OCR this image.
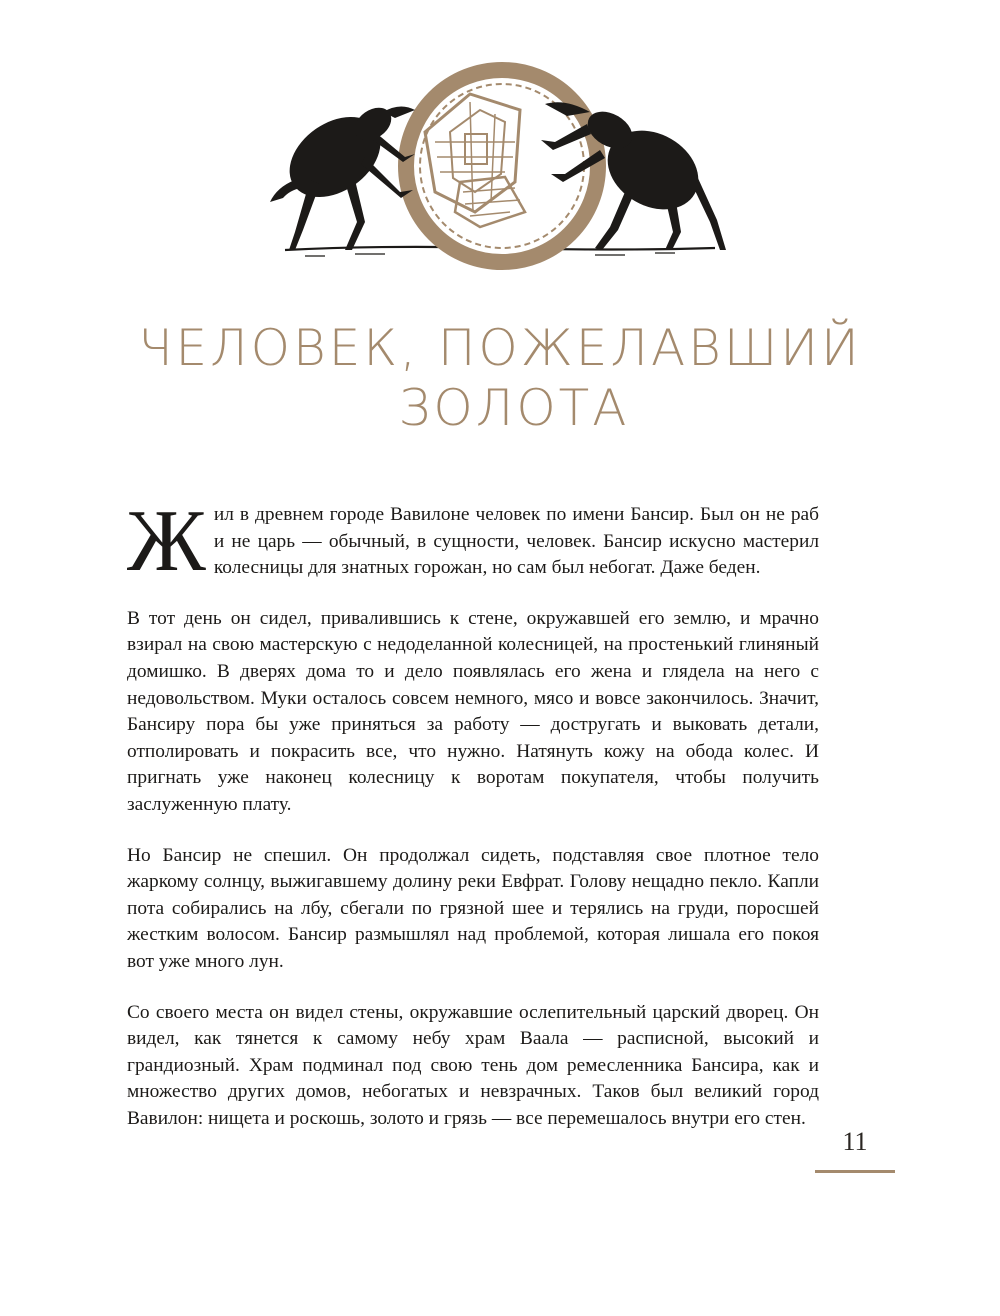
ЧЕЛОВЕК, ПОЖЕЛАВШИЙ
ЗОЛОТА

Жил в древнем городе Вавилоне человек по имени Бансир. Был он не раб и не царь — обычный, в сущности, человек. Бансир искусно мастерил колесницы для знатных горожан, но сам был небогат. Даже беден.

В тот день он сидел, привалившись к стене, окружавшей его землю, и мрачно взирал на свою мастерскую с недоделанной колесницей, на простенький глиняный домишко. В дверях дома то и дело появлялась его жена и глядела на него с недовольством. Муки осталось совсем немного, мясо и вовсе закончилось. Значит, Бансиру пора бы уже приняться за работу — достругать и выковать детали, отполировать и покрасить все, что нужно. Натянуть кожу на обода колес. И пригнать уже наконец колесницу к воротам покупателя, чтобы получить заслуженную плату.

Но Бансир не спешил. Он продолжал сидеть, подставляя свое плотное тело жаркому солнцу, выжигавшему долину реки Евфрат. Голову нещадно пекло. Капли пота собирались на лбу, сбегали по грязной шее и терялись на груди, поросшей жестким волосом. Бансир размышлял над проблемой, которая лишала его покоя вот уже много лун.

Со своего места он видел стены, окружавшие ослепительный царский дворец. Он видел, как тянется к самому небу храм Ваала — расписной, высокий и грандиозный. Храм подминал под свою тень дом ремесленника Бансира, как и множество других домов, небогатых и невзрачных. Таков был великий город Вавилон: нищета и роскошь, золото и грязь — все перемешалось внутри его стен.

11
